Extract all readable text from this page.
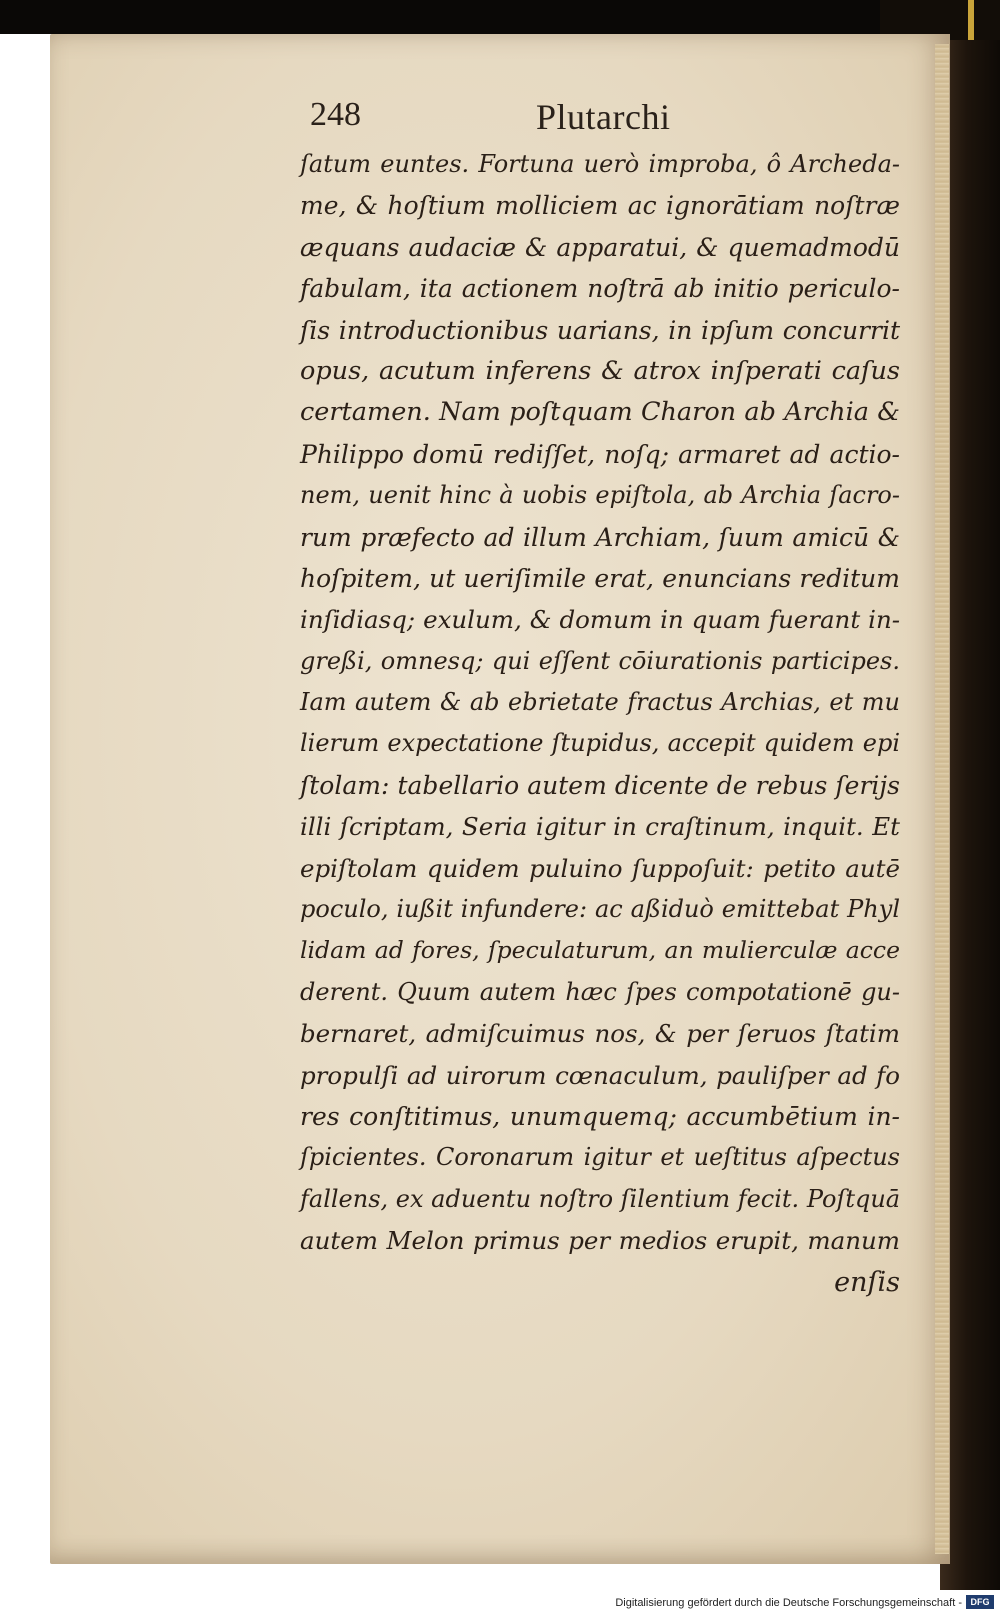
248	Plutarchi
ſatum euntes. Fortuna uerò improba, ô Archeda-
me, & hoſtium molliciem ac ignorātiam noſtræ
æquans audaciæ & apparatui, & quemadmodū
fabulam, ita actionem noſtrā ab initio periculo-
ſis introductionibus uarians, in ipſum concurrit
opus, acutum inferens & atrox inſperati caſus
certamen. Nam poſtquam Charon ab Archia &
Philippo domū rediſſet, noſq; armaret ad actio-
nem, uenit hinc à uobis epiſtola, ab Archia ſacro-
rum præfecto ad illum Archiam, ſuum amicū &
hoſpitem, ut ueriſimile erat, enuncians reditum
inſidiasq; exulum, & domum in quam fuerant in-
greßi, omnesq; qui eſſent cōiurationis participes.
Iam autem & ab ebrietate fractus Archias, et mu
lierum expectatione ſtupidus, accepit quidem epi
ſtolam: tabellario autem dicente de rebus ſerijs
illi ſcriptam, Seria igitur in craſtinum, inquit. Et
epiſtolam quidem puluino ſuppoſuit: petito autē
poculo, iußit infundere: ac aßiduò emittebat Phyl
lidam ad fores, ſpeculaturum, an mulierculæ acce
derent. Quum autem hæc ſpes compotationē gu-
bernaret, admiſcuimus nos, & per ſeruos ſtatim
propulſi ad uirorum cœnaculum, pauliſper ad fo
res conſtitimus, unumquemq; accumbētium in-
ſpicientes. Coronarum igitur et ueſtitus aſpectus
fallens, ex aduentu noſtro ſilentium fecit. Poſtquā
autem Melon primus per medios erupit, manum
enſis
Digitalisierung gefördert durch die Deutsche Forschungsgemeinschaft - DFG
